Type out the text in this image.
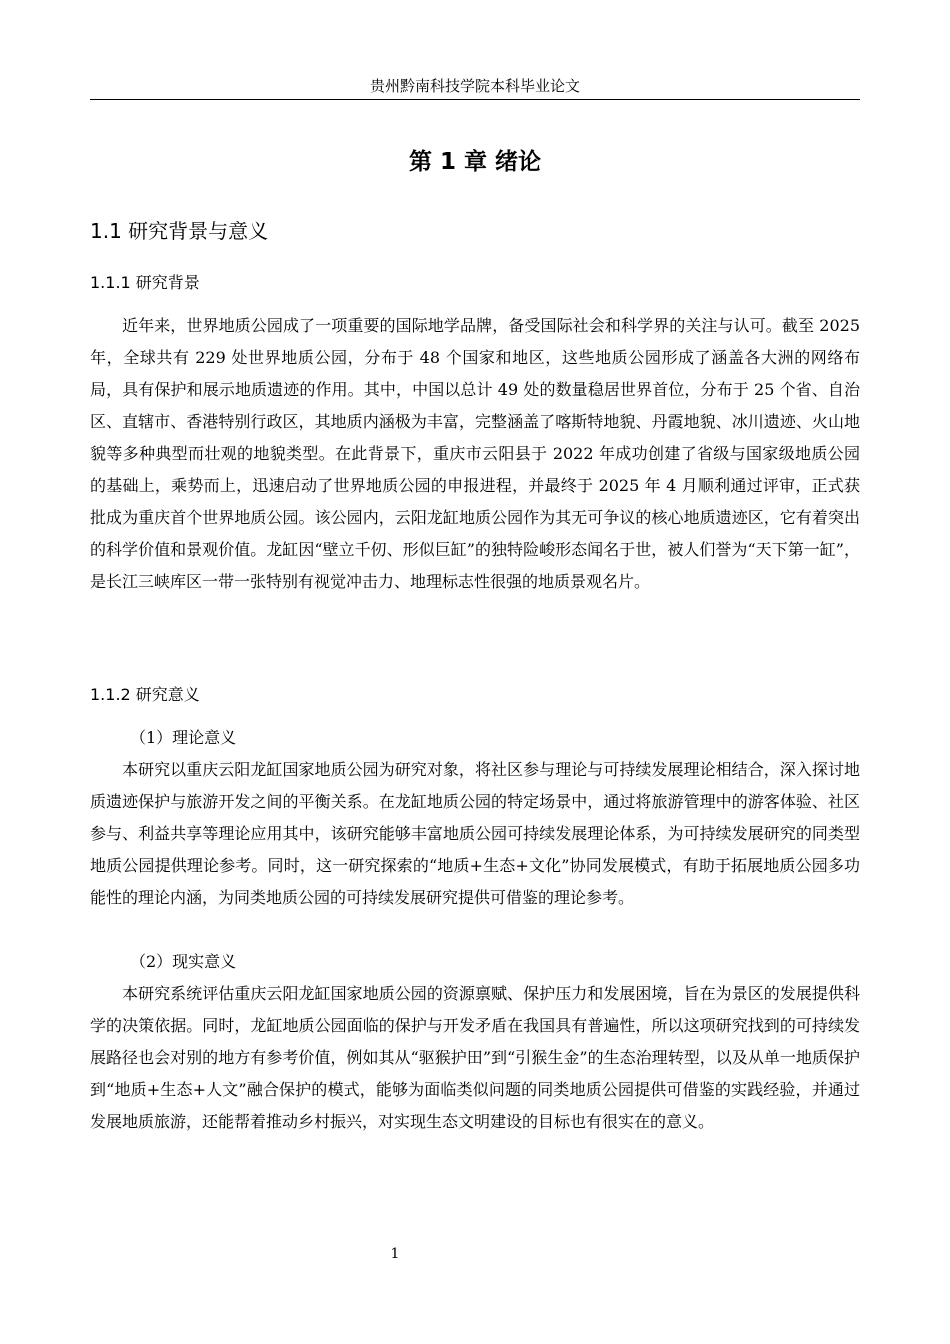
贵州黔南科技学院本科毕业论文
第 1 章 绪论
1.1 研究背景与意义
1.1.1 研究背景

近年来，世界地质公园成了一项重要的国际地学品牌，备受国际社会和科学界的关注与认可。截至 2025 年，全球共有 229 处世界地质公园，分布于 48 个国家和地区，这些地质公园形成了涵盖各大洲的网络布局，具有保护和展示地质遗迹的作用。其中，中国以总计 49 处的数量稳居世界首位，分布于 25 个省、自治区、直辖市、香港特别行政区，其地质内涵极为丰富，完整涵盖了喀斯特地貌、丹霞地貌、冰川遗迹、火山地貌等多种典型而壮观的地貌类型。在此背景下，重庆市云阳县于 2022 年成功创建了省级与国家级地质公园的基础上，乘势而上，迅速启动了世界地质公园的申报进程，并最终于 2025 年 4 月顺利通过评审，正式获批成为重庆首个世界地质公园。该公园内，云阳龙缸地质公园作为其无可争议的核心地质遗迹区，它有着突出的科学价值和景观价值。龙缸因“壁立千仞、形似巨缸”的独特险峻形态闻名于世，被人们誉为“天下第一缸”，是长江三峡库区一带一张特别有视觉冲击力、地理标志性很强的地质景观名片。

1.1.2 研究意义
（1）理论意义

本研究以重庆云阳龙缸国家地质公园为研究对象，将社区参与理论与可持续发展理论相结合，深入探讨地质遗迹保护与旅游开发之间的平衡关系。在龙缸地质公园的特定场景中，通过将旅游管理中的游客体验、社区参与、利益共享等理论应用其中，该研究能够丰富地质公园可持续发展理论体系，为可持续发展研究的同类型地质公园提供理论参考。同时，这一研究探索的“地质+生态+文化”协同发展模式，有助于拓展地质公园多功能性的理论内涵，为同类地质公园的可持续发展研究提供可借鉴的理论参考。

（2）现实意义

本研究系统评估重庆云阳龙缸国家地质公园的资源禀赋、保护压力和发展困境，旨在为景区的发展提供科学的决策依据。同时，龙缸地质公园面临的保护与开发矛盾在我国具有普遍性，所以这项研究找到的可持续发展路径也会对别的地方有参考价值，例如其从“驱猴护田”到“引猴生金”的生态治理转型，以及从单一地质保护到“地质+生态+人文”融合保护的模式，能够为面临类似问题的同类地质公园提供可借鉴的实践经验，并通过发展地质旅游，还能帮着推动乡村振兴，对实现生态文明建设的目标也有很实在的意义。

1
